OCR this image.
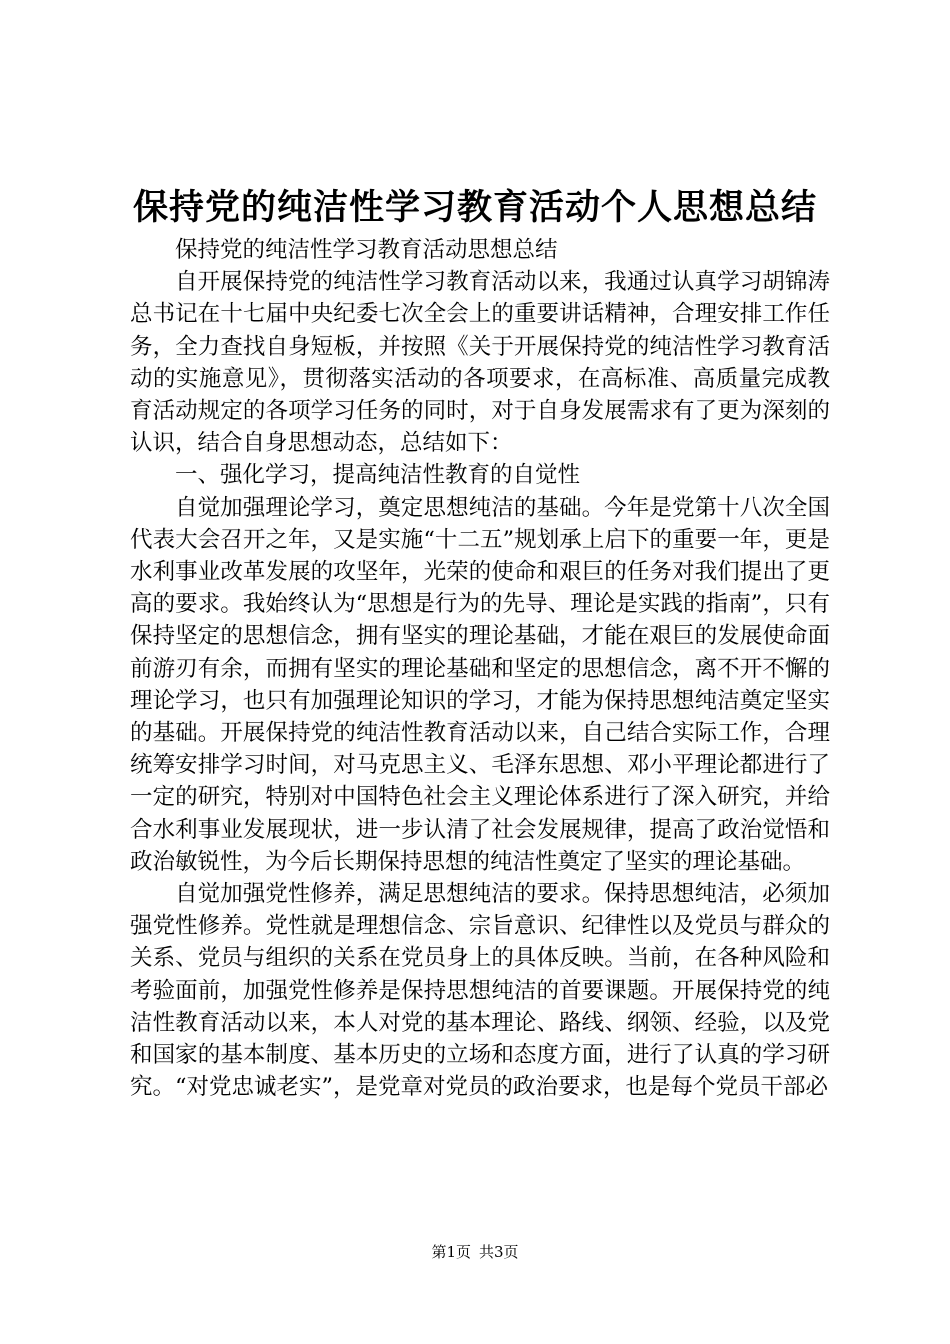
保持党的纯洁性学习教育活动个人思想总结

保持党的纯洁性学习教育活动思想总结

自开展保持党的纯洁性学习教育活动以来，我通过认真学习胡锦涛总书记在十七届中央纪委七次全会上的重要讲话精神，合理安排工作任务，全力查找自身短板，并按照《关于开展保持党的纯洁性学习教育活动的实施意见》，贯彻落实活动的各项要求，在高标准、高质量完成教育活动规定的各项学习任务的同时，对于自身发展需求有了更为深刻的认识，结合自身思想动态，总结如下：

一、强化学习，提高纯洁性教育的自觉性

自觉加强理论学习，奠定思想纯洁的基础。今年是党第十八次全国代表大会召开之年，又是实施“十二五”规划承上启下的重要一年，更是水利事业改革发展的攻坚年，光荣的使命和艰巨的任务对我们提出了更高的要求。我始终认为“思想是行为的先导、理论是实践的指南”，只有保持坚定的思想信念，拥有坚实的理论基础，才能在艰巨的发展使命面前游刃有余，而拥有坚实的理论基础和坚定的思想信念，离不开不懈的理论学习，也只有加强理论知识的学习，才能为保持思想纯洁奠定坚实的基础。开展保持党的纯洁性教育活动以来，自己结合实际工作，合理统筹安排学习时间，对马克思主义、毛泽东思想、邓小平理论都进行了一定的研究，特别对中国特色社会主义理论体系进行了深入研究，并给合水利事业发展现状，进一步认清了社会发展规律，提高了政治觉悟和政治敏锐性，为今后长期保持思想的纯洁性奠定了坚实的理论基础。

自觉加强党性修养，满足思想纯洁的要求。保持思想纯洁，必须加强党性修养。党性就是理想信念、宗旨意识、纪律性以及党员与群众的关系、党员与组织的关系在党员身上的具体反映。当前，在各种风险和考验面前，加强党性修养是保持思想纯洁的首要课题。开展保持党的纯洁性教育活动以来，本人对党的基本理论、路线、纲领、经验，以及党和国家的基本制度、基本历史的立场和态度方面，进行了认真的学习研究。“对党忠诚老实”，是党章对党员的政治要求，也是每个党员干部必

第1页 共3页
